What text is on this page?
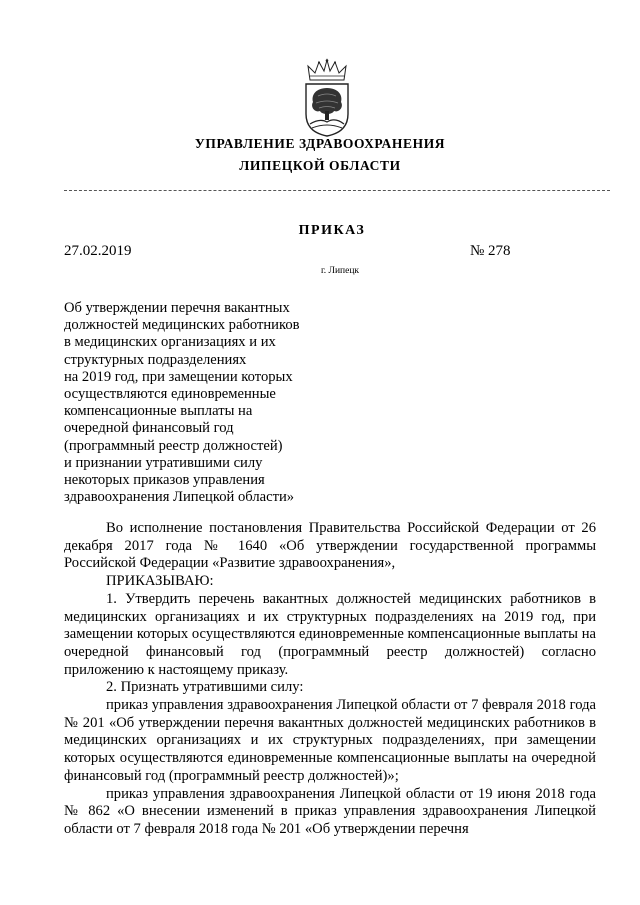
УПРАВЛЕНИЕ ЗДРАВООХРАНЕНИЯ
ЛИПЕЦКОЙ ОБЛАСТИ
ПРИКАЗ
27.02.2019	№ 278
г. Липецк
Об утверждении перечня вакантных
должностей медицинских работников
в медицинских организациях и их
структурных подразделениях
на 2019 год, при замещении которых
осуществляются единовременные
компенсационные выплаты на
очередной финансовый год
(программный реестр должностей)
и признании утратившими силу
некоторых приказов управления
здравоохранения Липецкой области»

Во исполнение постановления Правительства Российской Федерации от 26 декабря 2017 года № 1640 «Об утверждении государственной программы Российской Федерации «Развитие здравоохранения»,

ПРИКАЗЫВАЮ:

1. Утвердить перечень вакантных должностей медицинских работников в медицинских организациях и их структурных подразделениях на 2019 год, при замещении которых осуществляются единовременные компенсационные выплаты на очередной финансовый год (программный реестр должностей) согласно приложению к настоящему приказу.

2. Признать утратившими силу:

приказ управления здравоохранения Липецкой области от 7 февраля 2018 года № 201 «Об утверждении перечня вакантных должностей медицинских работников в медицинских организациях и их структурных подразделениях, при замещении которых осуществляются единовременные компенсационные выплаты на очередной финансовый год (программный реестр должностей)»;

приказ управления здравоохранения Липецкой области от 19 июня 2018 года № 862 «О внесении изменений в приказ управления здравоохранения Липецкой области от 7 февраля 2018 года № 201 «Об утверждении перечня
